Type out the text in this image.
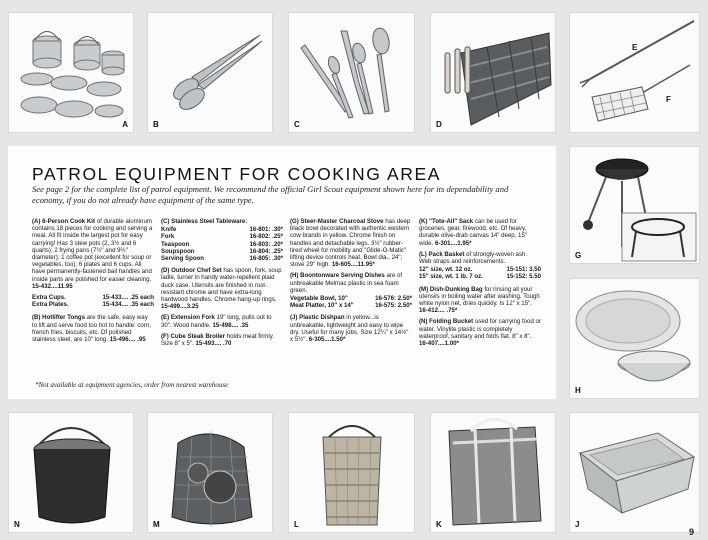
A	B	C	D
E
F
G
H
PATROL EQUIPMENT FOR COOKING AREA
See page 2 for the complete list of patrol equipment. We recommend the official Girl Scout equipment shown here for its dependability and economy, if you do not already have equipment of the same type.

(A) 6-Person Cook Kit of durable aluminum contains 18 pieces for cooking and serving a meal. All fit inside the largest pot for easy carrying! Has 3 stew pots (2, 3½ and 6 quarts); 2 frying pans (7½" and 9½" diameter); 1 coffee pot (excellent for soup or vegetables, too); 6 plates and 6 cups. All have permanently-fastened bail handles and inside parts are polished for easier cleaning. 15-432....11.95

Extra Cups.	15-433.... .25 each
Extra Plates.	15-434.... .35 each

(B) Hotlifter Tongs are the safe, easy way to lift and serve food too hot to handle: corn, french fries, biscuits, etc. Of polished stainless steel, are 10" long. 15-496.... .95

(C) Stainless Steel Tableware:

Knife	16-801: .30*
Fork	16-802: .25*
Teaspoon	16-803: .20*
Soupspoon	16-804: .25*
Serving Spoon	16-805: .30*

(D) Outdoor Chef Set has spoon, fork, soup ladle, turner in handy water-repellent plaid duck case. Utensils are finished in rust-resistant chrome and have extra-long hardwood handles. Chrome hang-up rings. 15-499....3.25

(E) Extension Fork 19" long, pulls out to 30". Wood handle. 15-498.... .35

(F) Cube Steak Broiler holds meat firmly. Size 8" x 5". 15-493.... .70

(G) Steer-Master Charcoal Stove has deep black bowl decorated with authentic western cow brands in yellow. Chrome finish on handles and detachable legs. 3½" rubber-tired wheel for mobility and "Glide-O-Matic" lifting device controls heat. Bowl dia., 24"; stove 29" high. 16-605....11.95*

(H) Boontonware Serving Dishes are of unbreakable Melmac plastic in sea foam green.

Vegetable Bowl, 10"	16-576: 2.50*
Meat Platter, 10" x 14"	16-575: 2.50*

(J) Plastic Dishpan in yellow...is unbreakable, lightweight and easy to wipe dry. Useful for many jobs. Size 12¼" x 14½" x 5½". 6-305....1.50*

(K) "Tote-All" Sack can be used for groceries, gear, firewood, etc. Of heavy, durable olive-drab canvas 14" deep, 15" wide. 6-301....1.95*

(L) Pack Basket of strongly-woven ash. Web straps and reinforcements.

12" size, wt. 12 oz.	15-151: 3.50
15" size, wt. 1 lb. 7 oz.	15-152: 5.50

(M) Dish-Dunking Bag for rinsing all your utensils in boiling water after washing. Tough white nylon net, dries quickly. Is 12" x 15". 16-412.... .75*

(N) Folding Bucket used for carrying food or water. Vinylite plastic is completely waterproof, sanitary and folds flat. 8" x 8". 16-407....1.00*

*Not available at equipment agencies, order from nearest warehouse
N	M	L	K	J
9
